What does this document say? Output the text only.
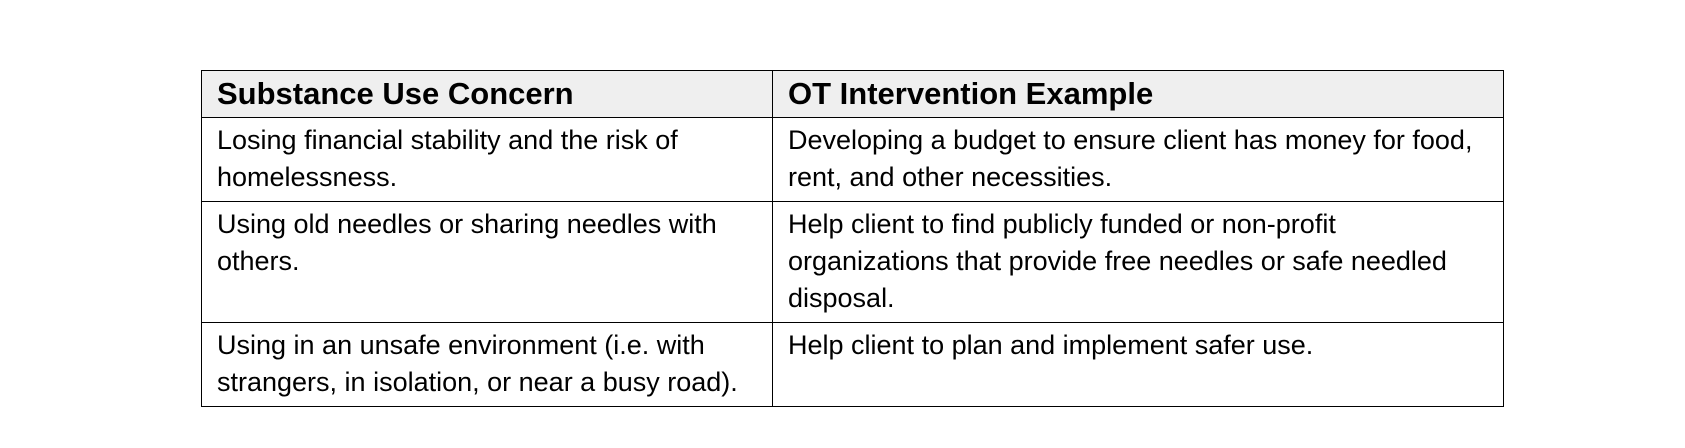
Substance Use Concern	OT Intervention Example
Losing financial stability and the risk of homelessness.	Developing a budget to ensure client has money for food, rent, and other necessities.
Using old needles or sharing needles with others.	Help client to find publicly funded or non-profit organizations that provide free needles or safe needled disposal.
Using in an unsafe environment (i.e. with strangers, in isolation, or near a busy road).	Help client to plan and implement safer use.
